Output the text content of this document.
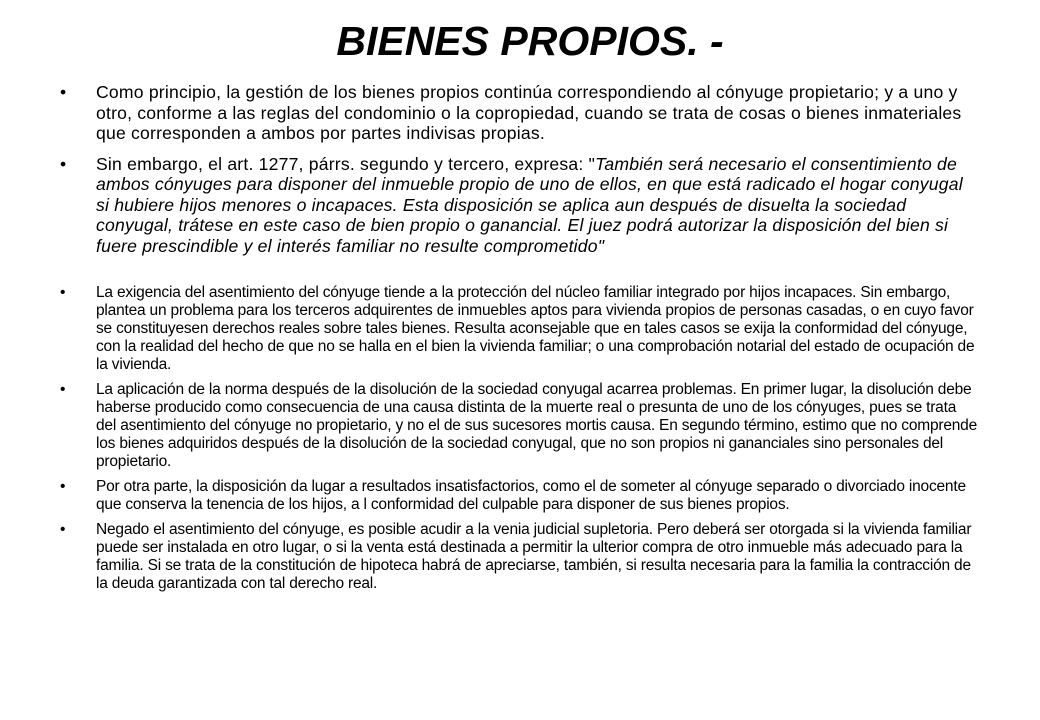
BIENES PROPIOS. -
• Como principio, la gestión de los bienes propios continúa correspondiendo al cónyuge propietario; y a uno y otro, conforme a las reglas del condominio o la copropiedad, cuando se trata de cosas o bienes inmateriales que corresponden a ambos por partes indivisas propias.
• Sin embargo, el art. 1277, párrs. segundo y tercero, expresa: "También será necesario el consentimiento de ambos cónyuges para disponer del inmueble propio de uno de ellos, en que está radicado el hogar conyugal si hubiere hijos menores o incapaces. Esta disposición se aplica aun después de disuelta la sociedad conyugal, trátese en este caso de bien propio o ganancial. El juez podrá autorizar la disposición del bien si fuere prescindible y el interés familiar no resulte comprometido"
• La exigencia del asentimiento del cónyuge tiende a la protección del núcleo familiar integrado por hijos incapaces. Sin embargo, plantea un problema para los terceros adquirentes de inmuebles aptos para vivienda propios de personas casadas, o en cuyo favor se constituyesen derechos reales sobre tales bienes. Resulta aconsejable que en tales casos se exija la conformidad del cónyuge, con la realidad del hecho de que no se halla en el bien la vivienda familiar; o una comprobación notarial del estado de ocupación de la vivienda.
• La aplicación de la norma después de la disolución de la sociedad conyugal acarrea problemas. En primer lugar, la disolución debe haberse producido como consecuencia de una causa distinta de la muerte real o presunta de uno de los cónyuges, pues se trata del asentimiento del cónyuge no propietario, y no el de sus sucesores mortis causa. En segundo término, estimo que no comprende los bienes adquiridos después de la disolución de la sociedad conyugal, que no son propios ni gananciales sino personales del propietario.
• Por otra parte, la disposición da lugar a resultados insatisfactorios, como el de someter al cónyuge separado o divorciado inocente que conserva la tenencia de los hijos, a l conformidad del culpable para disponer de sus bienes propios.
• Negado el asentimiento del cónyuge, es posible acudir a la venia judicial supletoria. Pero deberá ser otorgada si la vivienda familiar puede ser instalada en otro lugar, o si la venta está destinada a permitir la ulterior compra de otro inmueble más adecuado para la familia. Si se trata de la constitución de hipoteca habrá de apreciarse, también, si resulta necesaria para la familia la contracción de la deuda garantizada con tal derecho real.
